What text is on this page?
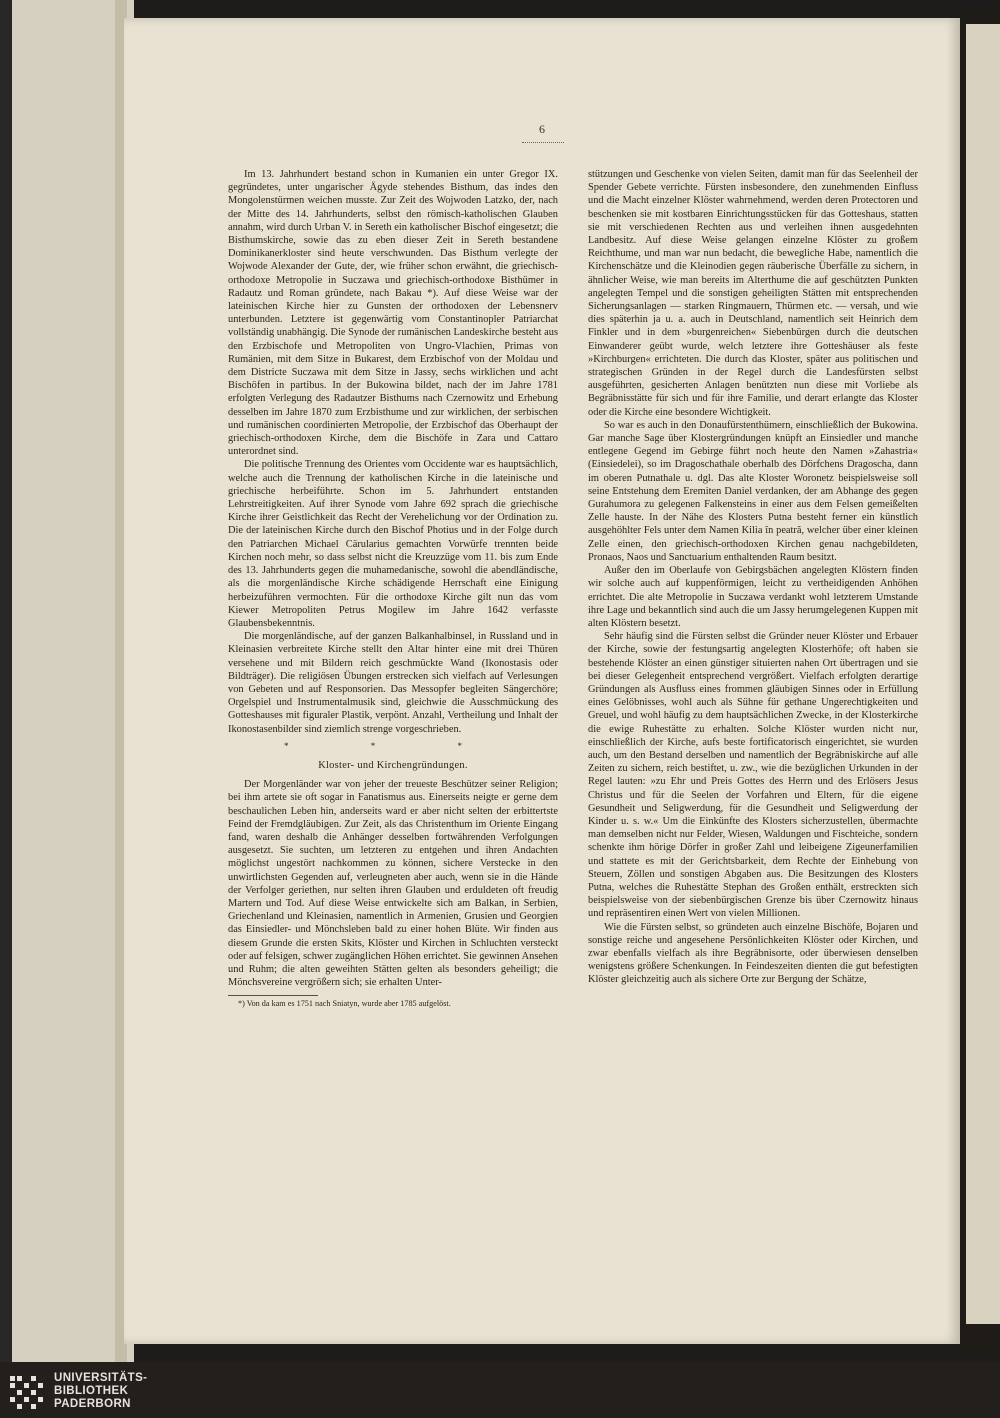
6

Im 13. Jahrhundert bestand schon in Kumanien ein unter Gregor IX. gegründetes, unter ungarischer Ägyde stehendes Bisthum, das indes den Mongolenstürmen weichen musste. Zur Zeit des Wojwoden Latzko, der, nach der Mitte des 14. Jahrhunderts, selbst den römisch-katholischen Glauben annahm, wird durch Urban V. in Sereth ein katholischer Bischof eingesetzt; die Bisthumskirche, sowie das zu eben dieser Zeit in Sereth bestandene Dominikanerkloster sind heute verschwunden. Das Bisthum verlegte der Wojwode Alexander der Gute, der, wie früher schon erwähnt, die griechisch-orthodoxe Metropolie in Suczawa und griechisch-orthodoxe Bisthümer in Radautz und Roman gründete, nach Bakau *). Auf diese Weise war der lateinischen Kirche hier zu Gunsten der orthodoxen der Lebensnerv unterbunden. Letztere ist gegenwärtig vom Constantinopler Patriarchat vollständig unabhängig. Die Synode der rumänischen Landeskirche besteht aus den Erzbischofe und Metropoliten von Ungro-Vlachien, Primas von Rumänien, mit dem Sitze in Bukarest, dem Erzbischof von der Moldau und dem Districte Suczawa mit dem Sitze in Jassy, sechs wirklichen und acht Bischöfen in partibus. In der Bukowina bildet, nach der im Jahre 1781 erfolgten Verlegung des Radautzer Bisthums nach Czernowitz und Erhebung desselben im Jahre 1870 zum Erzbisthume und zur wirklichen, der serbischen und rumänischen coordinierten Metropolie, der Erzbischof das Oberhaupt der griechisch-orthodoxen Kirche, dem die Bischöfe in Zara und Cattaro unterordnet sind.

Die politische Trennung des Orientes vom Occidente war es hauptsächlich, welche auch die Trennung der katholischen Kirche in die lateinische und griechische herbeiführte. Schon im 5. Jahrhundert entstanden Lehrstreitigkeiten. Auf ihrer Synode vom Jahre 692 sprach die griechische Kirche ihrer Geistlichkeit das Recht der Verehelichung vor der Ordination zu. Die der lateinischen Kirche durch den Bischof Photius und in der Folge durch den Patriarchen Michael Cärularius gemachten Vorwürfe trennten beide Kirchen noch mehr, so dass selbst nicht die Kreuzzüge vom 11. bis zum Ende des 13. Jahrhunderts gegen die muhamedanische, sowohl die abendländische, als die morgenländische Kirche schädigende Herrschaft eine Einigung herbeizuführen vermochten. Für die orthodoxe Kirche gilt nun das vom Kiewer Metropoliten Petrus Mogilew im Jahre 1642 verfasste Glaubensbekenntnis.

Die morgenländische, auf der ganzen Balkanhalbinsel, in Russland und in Kleinasien verbreitete Kirche stellt den Altar hinter eine mit drei Thüren versehene und mit Bildern reich geschmückte Wand (Ikonostasis oder Bildträger). Die religiösen Übungen erstrecken sich vielfach auf Verlesungen von Gebeten und auf Responsorien. Das Messopfer begleiten Sängerchöre; Orgelspiel und Instrumentalmusik sind, gleichwie die Ausschmückung des Gotteshauses mit figuraler Plastik, verpönt. Anzahl, Vertheilung und Inhalt der Ikonostasenbilder sind ziemlich strenge vorgeschrieben.

* * *

Kloster- und Kirchengründungen.

Der Morgenländer war von jeher der treueste Beschützer seiner Religion; bei ihm artete sie oft sogar in Fanatismus aus. Einerseits neigte er gerne dem beschaulichen Leben hin, anderseits ward er aber nicht selten der erbittertste Feind der Fremdgläubigen. Zur Zeit, als das Christenthum im Oriente Eingang fand, waren deshalb die Anhänger desselben fortwährenden Verfolgungen ausgesetzt. Sie suchten, um letzteren zu entgehen und ihren Andachten möglichst ungestört nachkommen zu können, sichere Verstecke in den unwirtlichsten Gegenden auf, verleugneten aber auch, wenn sie in die Hände der Verfolger geriethen, nur selten ihren Glauben und erduldeten oft freudig Martern und Tod. Auf diese Weise entwickelte sich am Balkan, in Serbien, Griechenland und Kleinasien, namentlich in Armenien, Grusien und Georgien das Einsiedler- und Mönchsleben bald zu einer hohen Blüte. Wir finden aus diesem Grunde die ersten Skits, Klöster und Kirchen in Schluchten versteckt oder auf felsigen, schwer zugänglichen Höhen errichtet. Sie gewinnen Ansehen und Ruhm; die alten geweihten Stätten gelten als besonders geheiligt; die Mönchsvereine vergrößern sich; sie erhalten Unter-

*) Von da kam es 1751 nach Sniatyn, wurde aber 1785 aufgelöst.

stützungen und Geschenke von vielen Seiten, damit man für das Seelenheil der Spender Gebete verrichte. Fürsten insbesondere, den zunehmenden Einfluss und die Macht einzelner Klöster wahrnehmend, werden deren Protectoren und beschenken sie mit kostbaren Einrichtungsstücken für das Gotteshaus, statten sie mit verschiedenen Rechten aus und verleihen ihnen ausgedehnten Landbesitz. Auf diese Weise gelangen einzelne Klöster zu großem Reichthume, und man war nun bedacht, die bewegliche Habe, namentlich die Kirchenschätze und die Kleinodien gegen räuberische Überfälle zu sichern, in ähnlicher Weise, wie man bereits im Alterthume die auf geschützten Punkten angelegten Tempel und die sonstigen geheiligten Stätten mit entsprechenden Sicherungsanlagen — starken Ringmauern, Thürmen etc. — versah, und wie dies späterhin ja u. a. auch in Deutschland, namentlich seit Heinrich dem Finkler und in dem »burgenreichen« Siebenbürgen durch die deutschen Einwanderer geübt wurde, welch letztere ihre Gotteshäuser als feste »Kirchburgen« errichteten. Die durch das Kloster, später aus politischen und strategischen Gründen in der Regel durch die Landesfürsten selbst ausgeführten, gesicherten Anlagen benützten nun diese mit Vorliebe als Begräbnisstätte für sich und für ihre Familie, und derart erlangte das Kloster oder die Kirche eine besondere Wichtigkeit.

So war es auch in den Donaufürstenthümern, einschließlich der Bukowina. Gar manche Sage über Klostergründungen knüpft an Einsiedler und manche entlegene Gegend im Gebirge führt noch heute den Namen »Zahastria« (Einsiedelei), so im Dragoschathale oberhalb des Dörfchens Dragoscha, dann im oberen Putnathale u. dgl. Das alte Kloster Woronetz beispielsweise soll seine Entstehung dem Eremiten Daniel verdanken, der am Abhange des gegen Gurahumora zu gelegenen Falkensteins in einer aus dem Felsen gemeißelten Zelle hauste. In der Nähe des Klosters Putna besteht ferner ein künstlich ausgehöhlter Fels unter dem Namen Kilia în peatră, welcher über einer kleinen Zelle einen, den griechisch-orthodoxen Kirchen genau nachgebildeten, Pronaos, Naos und Sanctuarium enthaltenden Raum besitzt.

Außer den im Oberlaufe von Gebirgsbächen angelegten Klöstern finden wir solche auch auf kuppenförmigen, leicht zu vertheidigenden Anhöhen errichtet. Die alte Metropolie in Suczawa verdankt wohl letzterem Umstande ihre Lage und bekanntlich sind auch die um Jassy herumgelegenen Kuppen mit alten Klöstern besetzt.

Sehr häufig sind die Fürsten selbst die Gründer neuer Klöster und Erbauer der Kirche, sowie der festungsartig angelegten Klosterhöfe; oft haben sie bestehende Klöster an einen günstiger situierten nahen Ort übertragen und sie bei dieser Gelegenheit entsprechend vergrößert. Vielfach erfolgten derartige Gründungen als Ausfluss eines frommen gläubigen Sinnes oder in Erfüllung eines Gelöbnisses, wohl auch als Sühne für gethane Ungerechtigkeiten und Greuel, und wohl häufig zu dem hauptsächlichen Zwecke, in der Klosterkirche die ewige Ruhestätte zu erhalten. Solche Klöster wurden nicht nur, einschließlich der Kirche, aufs beste fortificatorisch eingerichtet, sie wurden auch, um den Bestand derselben und namentlich der Begräbniskirche auf alle Zeiten zu sichern, reich bestiftet, u. zw., wie die bezüglichen Urkunden in der Regel lauten: »zu Ehr und Preis Gottes des Herrn und des Erlösers Jesus Christus und für die Seelen der Vorfahren und Eltern, für die eigene Gesundheit und Seligwerdung, für die Gesundheit und Seligwerdung der Kinder u. s. w.« Um die Einkünfte des Klosters sicherzustellen, übermachte man demselben nicht nur Felder, Wiesen, Waldungen und Fischteiche, sondern schenkte ihm hörige Dörfer in großer Zahl und leibeigene Zigeunerfamilien und stattete es mit der Gerichtsbarkeit, dem Rechte der Einhebung von Steuern, Zöllen und sonstigen Abgaben aus. Die Besitzungen des Klosters Putna, welches die Ruhestätte Stephan des Großen enthält, erstreckten sich beispielsweise von der siebenbürgischen Grenze bis über Czernowitz hinaus und repräsentiren einen Wert von vielen Millionen.

Wie die Fürsten selbst, so gründeten auch einzelne Bischöfe, Bojaren und sonstige reiche und angesehene Persönlichkeiten Klöster oder Kirchen, und zwar ebenfalls vielfach als ihre Begräbnisorte, oder überwiesen denselben wenigstens größere Schenkungen. In Feindeszeiten dienten die gut befestigten Klöster gleichzeitig auch als sichere Orte zur Bergung der Schätze,

UNIVERSITÄTS-
BIBLIOTHEK
PADERBORN
